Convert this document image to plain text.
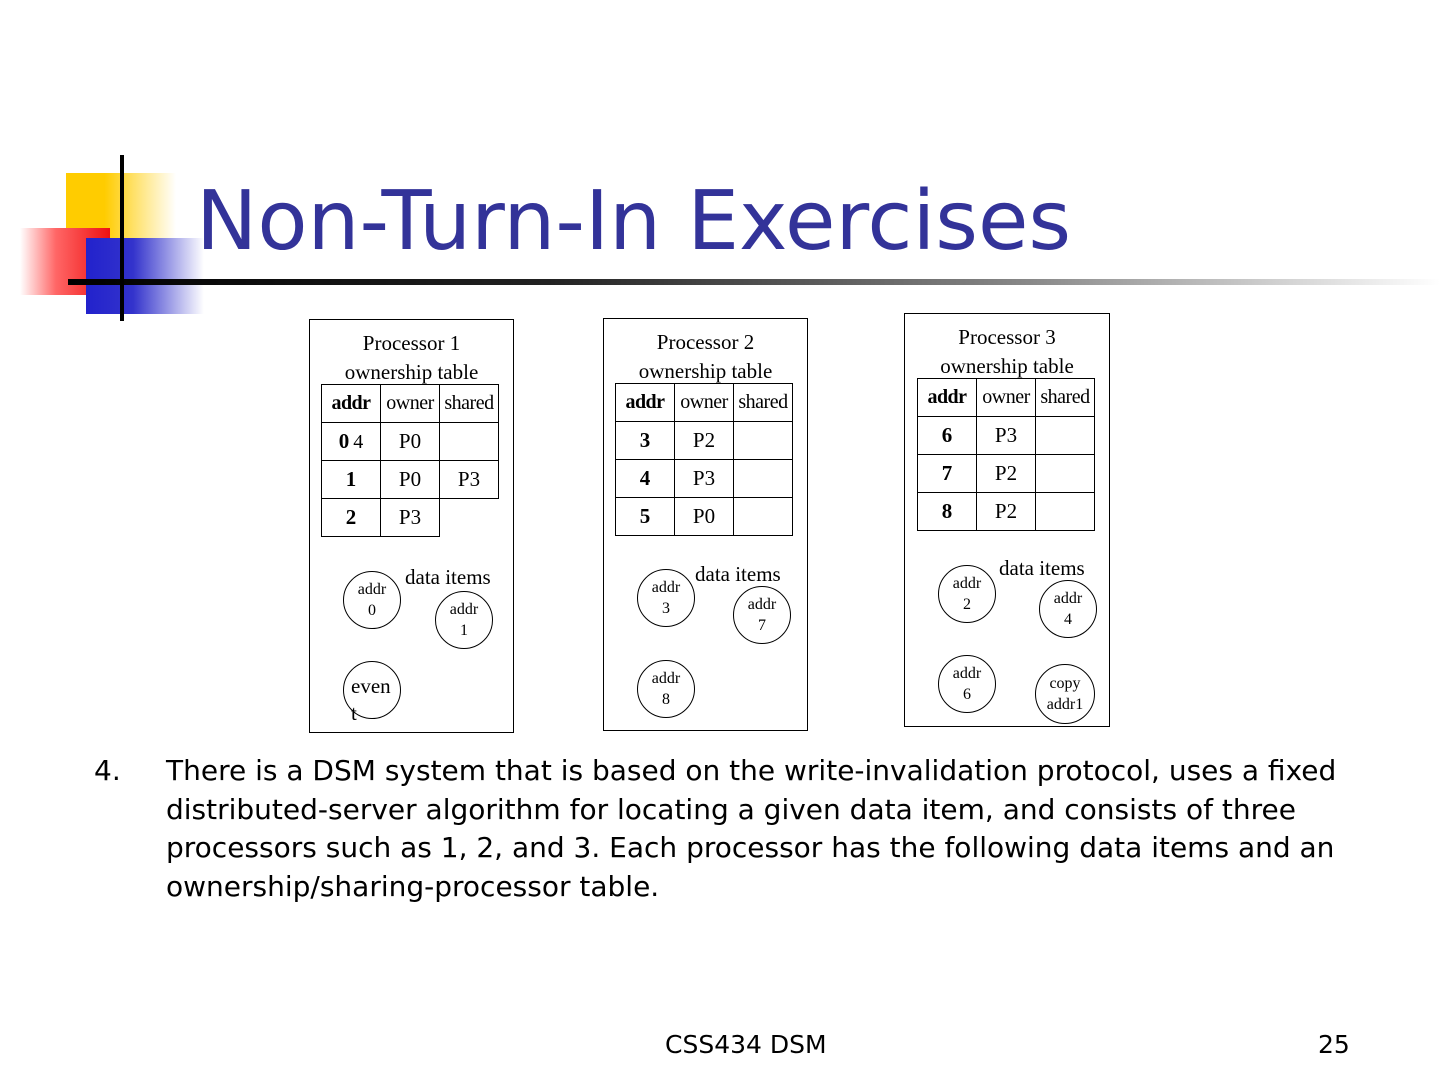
Non-Turn-In Exercises
Processor 1
ownership table
addr	owner	shared
0 4	P0	
1	P0	P3
2	P3	
data items
addr
0	addr
1
event
Processor 2
ownership table
addr	owner	shared
3	P2	
4	P3	
5	P0	
data items
addr
3	addr
7
addr
8
Processor 3
ownership table
addr	owner	shared
6	P3	
7	P2	
8	P2	
data items
addr
2	addr
4
addr
6
copy
addr1
4. There is a DSM system that is based on the write-invalidation protocol, uses a fixed distributed-server algorithm for locating a given data item, and consists of three processors such as 1, 2, and 3. Each processor has the following data items and an ownership/sharing-processor table.

CSS434 DSM	25
